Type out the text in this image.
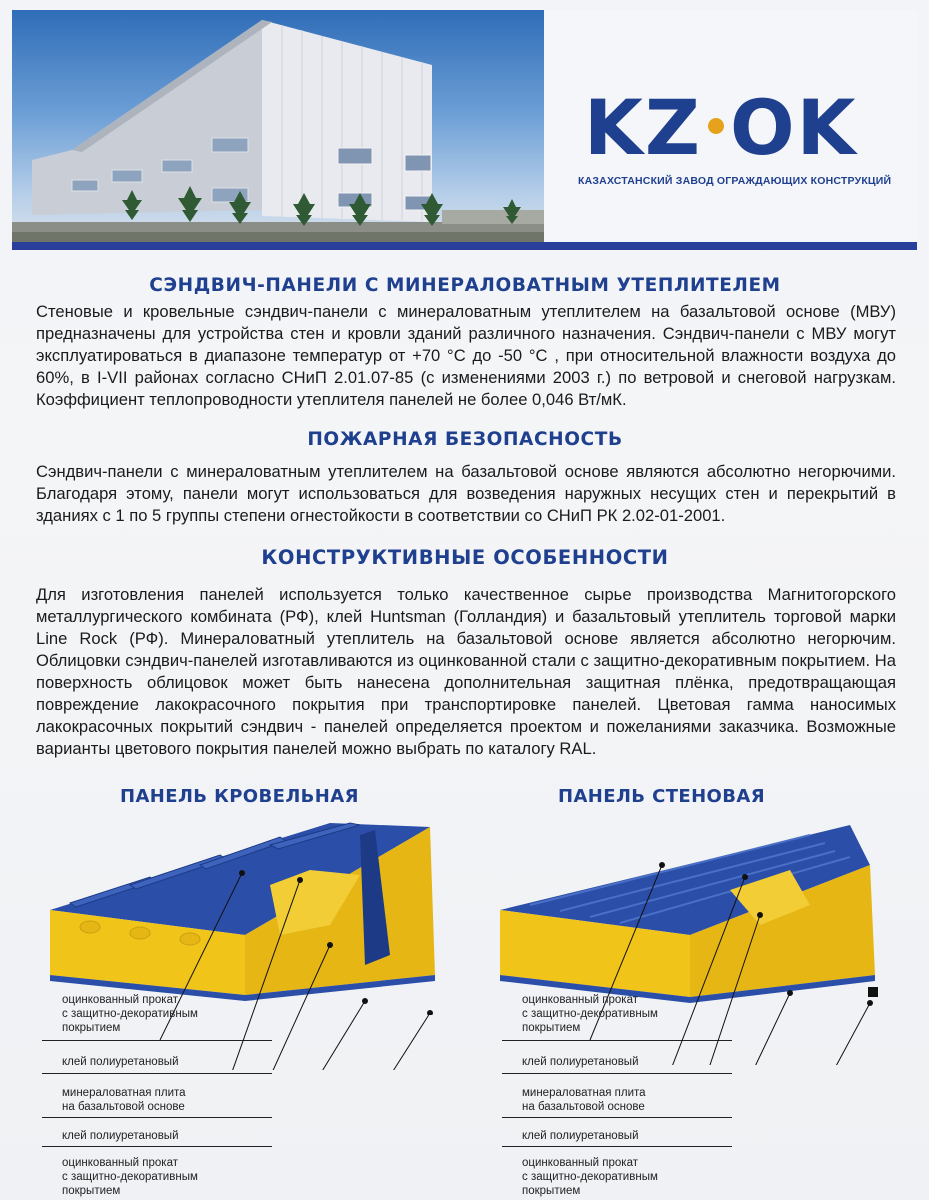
KZ OK
КАЗАХСТАНСКИЙ ЗАВОД ОГРАЖДАЮЩИХ КОНСТРУКЦИЙ
СЭНДВИЧ-ПАНЕЛИ С МИНЕРАЛОВАТНЫМ УТЕПЛИТЕЛЕМ
Стеновые и кровельные сэндвич-панели с минераловатным утеплителем на базальтовой основе (МВУ) предназначены для устройства стен и кровли зданий различного назначения. Сэндвич-панели с МВУ могут эксплуатироваться в диапазоне температур от +70 °С до -50 °С , при относительной влажности воздуха до 60%, в I-VII районах согласно СНиП 2.01.07-85 (с изменениями 2003 г.) по ветровой и снеговой нагрузкам. Коэффициент теплопроводности утеплителя панелей не более 0,046 Вт/мК.
ПОЖАРНАЯ БЕЗОПАСНОСТЬ
Сэндвич-панели с минераловатным утеплителем на базальтовой основе являются абсолютно негорючими. Благодаря этому, панели могут использоваться для возведения наружных несущих стен и перекрытий в зданиях с 1 по 5 группы степени огнестойкости в соответствии со СНиП РК 2.02-01-2001.
КОНСТРУКТИВНЫЕ ОСОБЕННОСТИ
Для изготовления панелей используется только качественное сырье производства Магнитогорского металлургического комбината (РФ), клей Huntsman (Голландия) и базальтовый утеплитель торговой марки Line Rock (РФ). Минераловатный утеплитель на базальтовой основе является абсолютно негорючим. Облицовки сэндвич-панелей изготавливаются из оцинкованной стали с защитно-декоративным покрытием. На поверхность облицовок может быть нанесена дополнительная защитная плёнка, предотвращающая повреждение лакокрасочного покрытия при транспортировке панелей. Цветовая гамма наносимых лакокрасочных покрытий сэндвич - панелей определяется проектом и пожеланиями заказчика. Возможные варианты цветового покрытия панелей можно выбрать по каталогу RAL.
ПАНЕЛЬ КРОВЕЛЬНАЯ	ПАНЕЛЬ СТЕНОВАЯ
оцинкованный прокат
с защитно-декоративным
покрытием
клей полиуретановый
минераловатная плита
на базальтовой основе
клей полиуретановый
оцинкованный прокат
с защитно-декоративным
покрытием
оцинкованный прокат
с защитно-декоративным
покрытием
клей полиуретановый
минераловатная плита
на базальтовой основе
клей полиуретановый
оцинкованный прокат
с защитно-декоративным
покрытием
